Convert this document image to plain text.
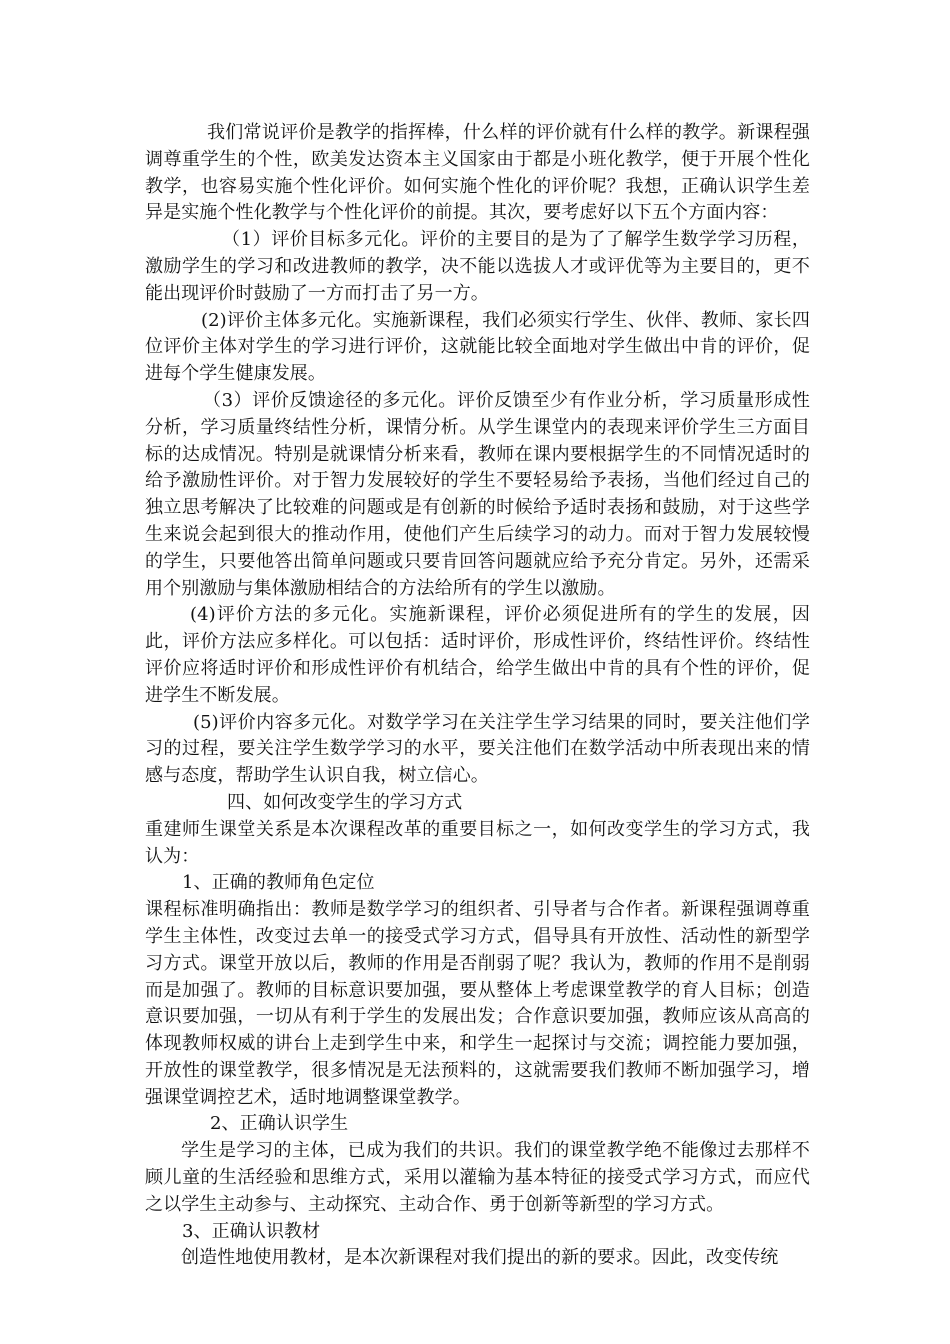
我们常说评价是教学的指挥棒，什么样的评价就有什么样的教学。新课程强调尊重学生的个性，欧美发达资本主义国家由于都是小班化教学，便于开展个性化教学，也容易实施个性化评价。如何实施个性化的评价呢？我想，正确认识学生差异是实施个性化教学与个性化评价的前提。其次，要考虑好以下五个方面内容：

（1）评价目标多元化。评价的主要目的是为了了解学生数学学习历程，激励学生的学习和改进教师的教学，决不能以选拔人才或评优等为主要目的，更不能出现评价时鼓励了一方而打击了另一方。

(2)评价主体多元化。实施新课程，我们必须实行学生、伙伴、教师、家长四位评价主体对学生的学习进行评价，这就能比较全面地对学生做出中肯的评价，促进每个学生健康发展。

（3）评价反馈途径的多元化。评价反馈至少有作业分析，学习质量形成性分析，学习质量终结性分析，课情分析。从学生课堂内的表现来评价学生三方面目标的达成情况。特别是就课情分析来看，教师在课内要根据学生的不同情况适时的给予激励性评价。对于智力发展较好的学生不要轻易给予表扬，当他们经过自己的独立思考解决了比较难的问题或是有创新的时候给予适时表扬和鼓励，对于这些学生来说会起到很大的推动作用，使他们产生后续学习的动力。而对于智力发展较慢的学生，只要他答出简单问题或只要肯回答问题就应给予充分肯定。另外，还需采用个别激励与集体激励相结合的方法给所有的学生以激励。

(4)评价方法的多元化。实施新课程，评价必须促进所有的学生的发展，因此，评价方法应多样化。可以包括：适时评价，形成性评价，终结性评价。终结性评价应将适时评价和形成性评价有机结合，给学生做出中肯的具有个性的评价，促进学生不断发展。

(5)评价内容多元化。对数学学习在关注学生学习结果的同时，要关注他们学习的过程，要关注学生数学学习的水平，要关注他们在数学活动中所表现出来的情感与态度，帮助学生认识自我，树立信心。

四、如何改变学生的学习方式

重建师生课堂关系是本次课程改革的重要目标之一，如何改变学生的学习方式，我认为：

1、正确的教师角色定位

课程标准明确指出：教师是数学学习的组织者、引导者与合作者。新课程强调尊重学生主体性，改变过去单一的接受式学习方式，倡导具有开放性、活动性的新型学习方式。课堂开放以后，教师的作用是否削弱了呢？我认为，教师的作用不是削弱而是加强了。教师的目标意识要加强，要从整体上考虑课堂教学的育人目标；创造意识要加强，一切从有利于学生的发展出发；合作意识要加强，教师应该从高高的体现教师权威的讲台上走到学生中来，和学生一起探讨与交流；调控能力要加强，开放性的课堂教学，很多情况是无法预料的，这就需要我们教师不断加强学习，增强课堂调控艺术，适时地调整课堂教学。

2、正确认识学生

学生是学习的主体，已成为我们的共识。我们的课堂教学绝不能像过去那样不顾儿童的生活经验和思维方式，采用以灌输为基本特征的接受式学习方式，而应代之以学生主动参与、主动探究、主动合作、勇于创新等新型的学习方式。

3、正确认识教材

创造性地使用教材，是本次新课程对我们提出的新的要求。因此，改变传统
